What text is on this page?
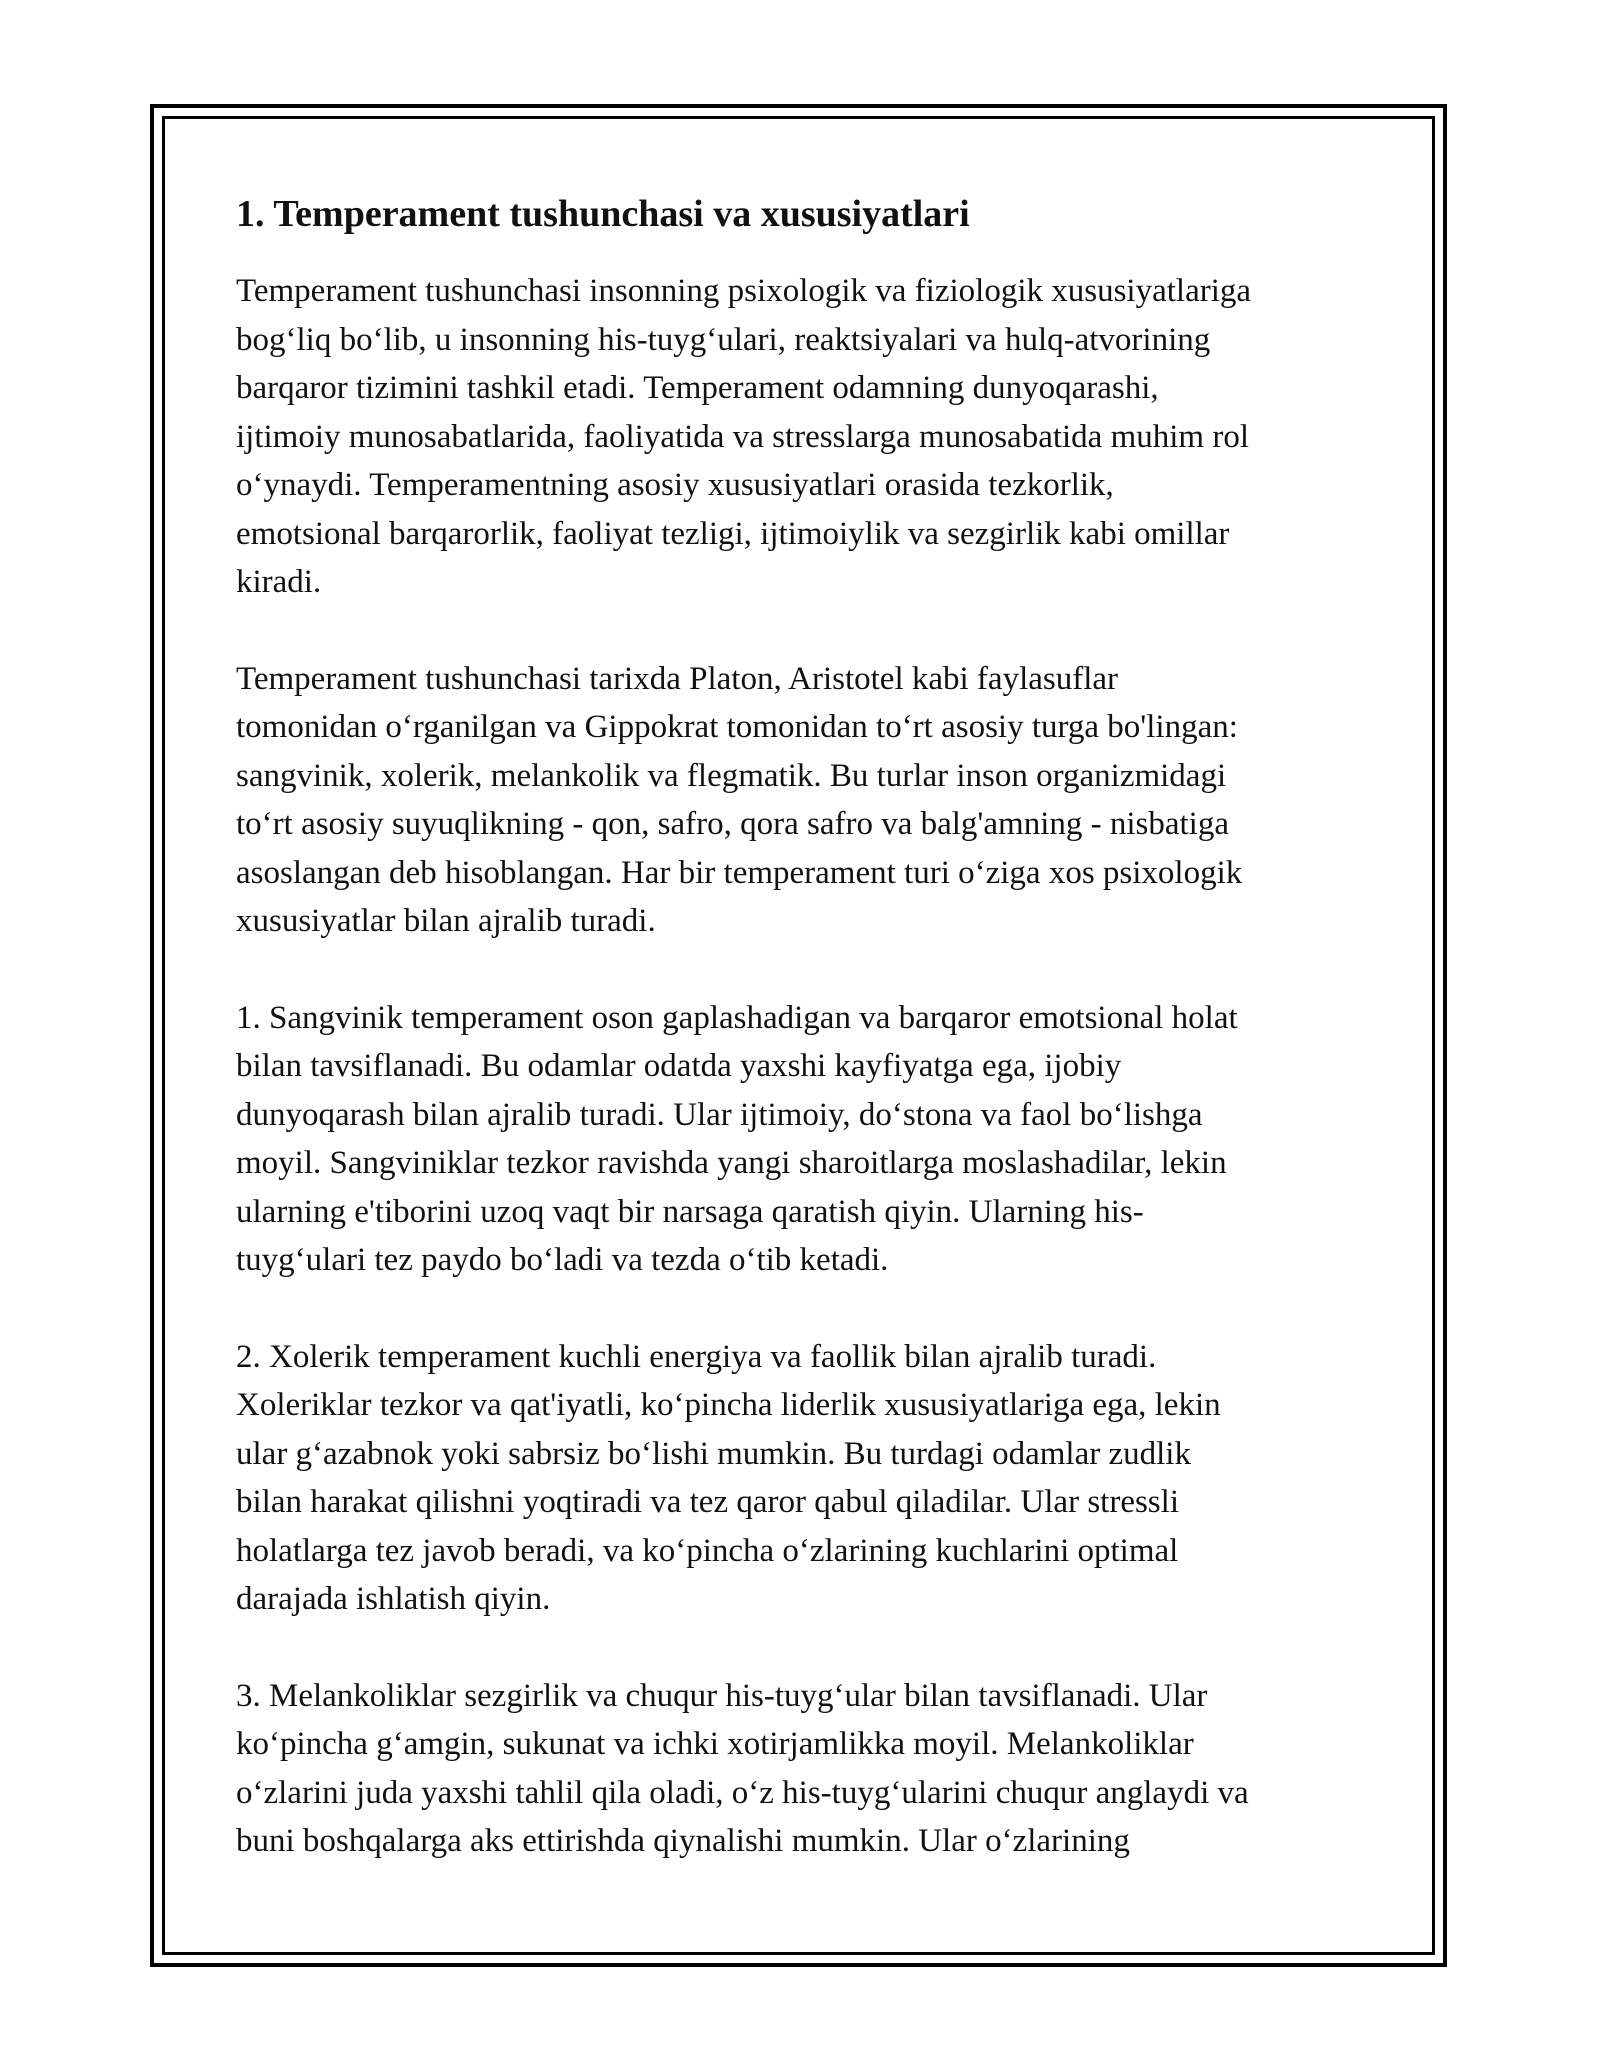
1. Temperament tushunchasi va xususiyatlari

Temperament tushunchasi insonning psixologik va fiziologik xususiyatlariga
bog‘liq bo‘lib, u insonning his-tuyg‘ulari, reaktsiyalari va hulq-atvorining
barqaror tizimini tashkil etadi. Temperament odamning dunyoqarashi,
ijtimoiy munosabatlarida, faoliyatida va stresslarga munosabatida muhim rol
o‘ynaydi. Temperamentning asosiy xususiyatlari orasida tezkorlik,
emotsional barqarorlik, faoliyat tezligi, ijtimoiylik va sezgirlik kabi omillar
kiradi.

Temperament tushunchasi tarixda Platon, Aristotel kabi faylasuflar
tomonidan o‘rganilgan va Gippokrat tomonidan to‘rt asosiy turga bo'lingan:
sangvinik, xolerik, melankolik va flegmatik. Bu turlar inson organizmidagi
to‘rt asosiy suyuqlikning - qon, safro, qora safro va balg'amning - nisbatiga
asoslangan deb hisoblangan. Har bir temperament turi o‘ziga xos psixologik
xususiyatlar bilan ajralib turadi.

1. Sangvinik temperament oson gaplashadigan va barqaror emotsional holat
bilan tavsiflanadi. Bu odamlar odatda yaxshi kayfiyatga ega, ijobiy
dunyoqarash bilan ajralib turadi. Ular ijtimoiy, do‘stona va faol bo‘lishga
moyil. Sangviniklar tezkor ravishda yangi sharoitlarga moslashadilar, lekin
ularning e'tiborini uzoq vaqt bir narsaga qaratish qiyin. Ularning his-
tuyg‘ulari tez paydo bo‘ladi va tezda o‘tib ketadi.

2. Xolerik temperament kuchli energiya va faollik bilan ajralib turadi.
Xoleriklar tezkor va qat'iyatli, ko‘pincha liderlik xususiyatlariga ega, lekin
ular g‘azabnok yoki sabrsiz bo‘lishi mumkin. Bu turdagi odamlar zudlik
bilan harakat qilishni yoqtiradi va tez qaror qabul qiladilar. Ular stressli
holatlarga tez javob beradi, va ko‘pincha o‘zlarining kuchlarini optimal
darajada ishlatish qiyin.

3. Melankoliklar sezgirlik va chuqur his-tuyg‘ular bilan tavsiflanadi. Ular
ko‘pincha g‘amgin, sukunat va ichki xotirjamlikka moyil. Melankoliklar
o‘zlarini juda yaxshi tahlil qila oladi, o‘z his-tuyg‘ularini chuqur anglaydi va
buni boshqalarga aks ettirishda qiynalishi mumkin. Ular o‘zlarining
